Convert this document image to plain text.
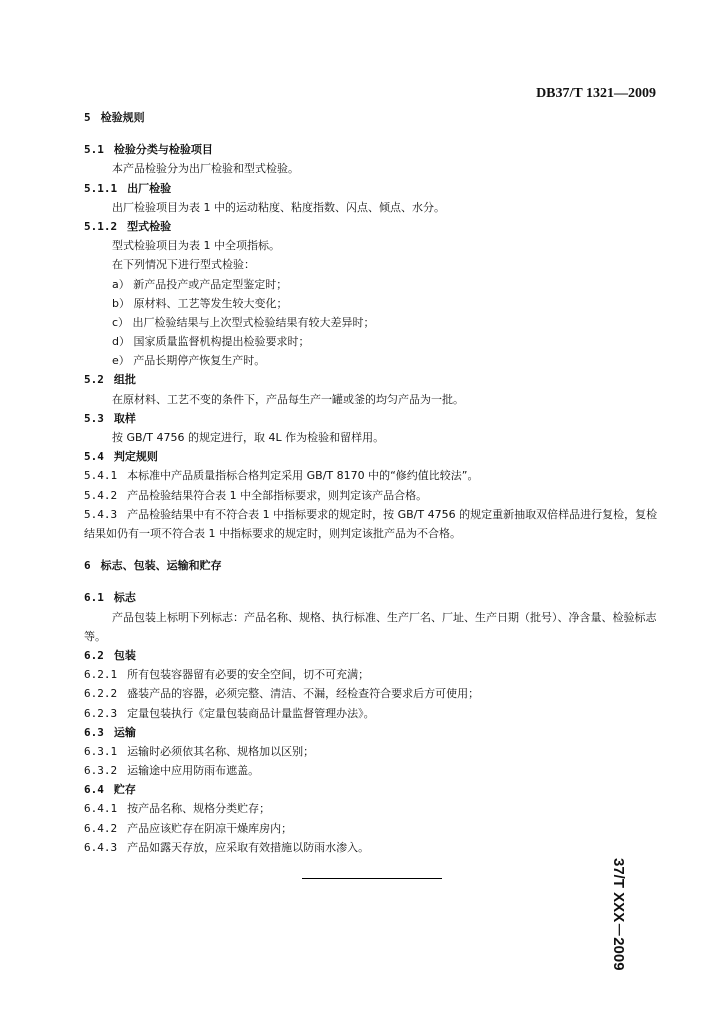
DB37/T 1321—2009
5 检验规则
5.1 检验分类与检验项目
本产品检验分为出厂检验和型式检验。
5.1.1 出厂检验
出厂检验项目为表 1 中的运动粘度、粘度指数、闪点、倾点、水分。
5.1.2 型式检验
型式检验项目为表 1 中全项指标。
在下列情况下进行型式检验：
a） 新产品投产或产品定型鉴定时；
b） 原材料、工艺等发生较大变化；
c） 出厂检验结果与上次型式检验结果有较大差异时；
d） 国家质量监督机构提出检验要求时；
e） 产品长期停产恢复生产时。
5.2 组批
在原材料、工艺不变的条件下，产品每生产一罐或釜的均匀产品为一批。
5.3 取样
按 GB/T 4756 的规定进行，取 4L 作为检验和留样用。
5.4 判定规则
5.4.1 本标准中产品质量指标合格判定采用 GB/T 8170 中的“修约值比较法”。
5.4.2 产品检验结果符合表 1 中全部指标要求，则判定该产品合格。
5.4.3 产品检验结果中有不符合表 1 中指标要求的规定时，按 GB/T 4756 的规定重新抽取双倍样品进行复检，复检结果如仍有一项不符合表 1 中指标要求的规定时，则判定该批产品为不合格。
6 标志、包装、运输和贮存
6.1 标志
产品包装上标明下列标志：产品名称、规格、执行标准、生产厂名、厂址、生产日期（批号）、净含量、检验标志等。
6.2 包装
6.2.1 所有包装容器留有必要的安全空间，切不可充满；
6.2.2 盛装产品的容器，必须完整、清洁、不漏，经检查符合要求后方可使用；
6.2.3 定量包装执行《定量包装商品计量监督管理办法》。
6.3 运输
6.3.1 运输时必须依其名称、规格加以区别；
6.3.2 运输途中应用防雨布遮盖。
6.4 贮存
6.4.1 按产品名称、规格分类贮存；
6.4.2 产品应该贮存在阴凉干燥库房内；
6.4.3 产品如露天存放，应采取有效措施以防雨水渗入。
37/T XXX－2009
